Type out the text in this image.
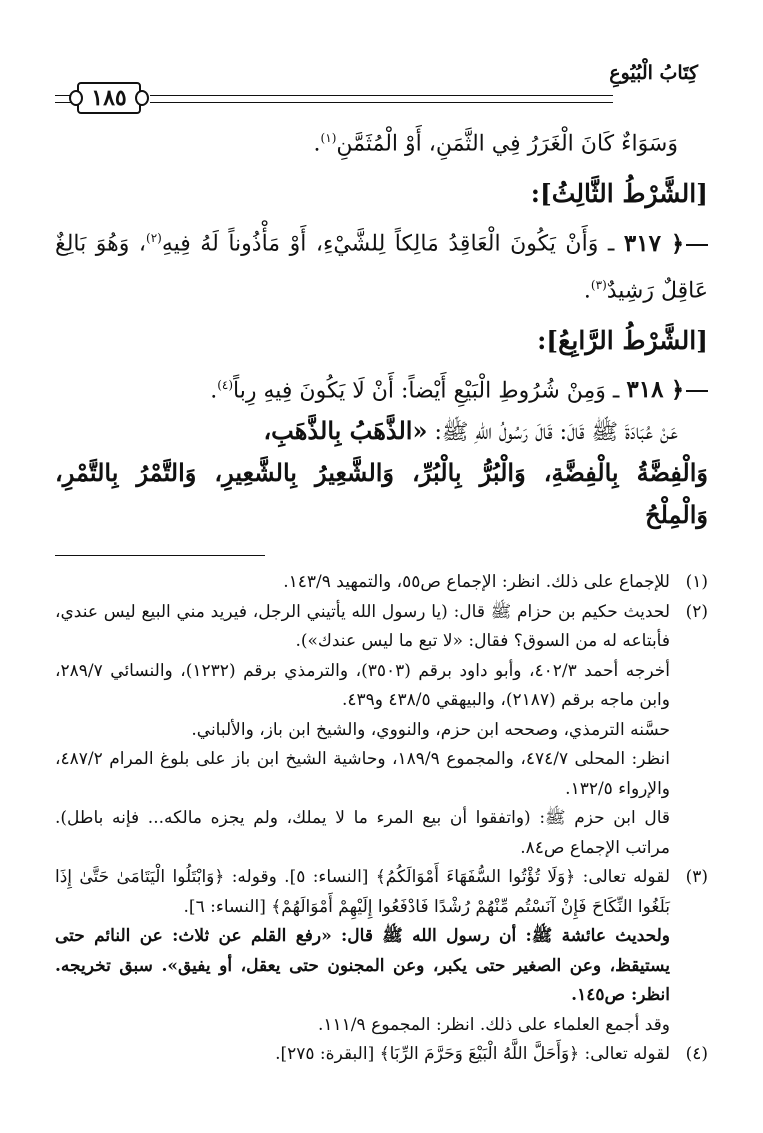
كِتَابُ الْبُيُوعِ
١٨٥

وَسَوَاءٌ كَانَ الْغَرَرُ فِي الثَّمَنِ، أَوْ الْمُثَمَّنِ$^{(١)}$.

[الشَّرْطُ الثَّالِثُ]:

﴿ ٣١٧ ـ وَأَنْ يَكُونَ الْعَاقِدُ مَالِكاً لِلشَّيْءِ، أَوْ مَأْذُوناً لَهُ فِيهِ$^{(٢)}$، وَهُوَ بَالِغٌ عَاقِلٌ رَشِيدٌ$^{(٣)}$.

[الشَّرْطُ الرَّابِعُ]:

﴿ ٣١٨ ـ وَمِنْ شُرُوطِ الْبَيْعِ أَيْضاً: أَنْ لَا يَكُونَ فِيهِ رِباً$^{(٤)}$.

عَنْ عُبَادَةَ ﷺ قَالَ: قَالَ رَسُولُ اللهِ ﷺ: «الذَّهَبُ بِالذَّهَبِ،

وَالْفِضَّةُ بِالْفِضَّةِ، وَالْبُرُّ بِالْبُرِّ، وَالشَّعِيرُ بِالشَّعِيرِ، وَالتَّمْرُ بِالتَّمْرِ، وَالْمِلْحُ

(١)

للإجماع على ذلك. انظر: الإجماع ص٥٥، والتمهيد ١٤٣/٩.

(٢)

لحديث حكيم بن حزام ﷺ قال: (يا رسول الله يأتيني الرجل، فيريد مني البيع ليس عندي، فأبتاعه له من السوق؟ فقال: «لا تبع ما ليس عندك»).

أخرجه أحمد ٤٠٢/٣، وأبو داود برقم (٣٥٠٣)، والترمذي برقم (١٢٣٢)، والنسائي ٢٨٩/٧، وابن ماجه برقم (٢١٨٧)، والبيهقي ٤٣٨/٥ و٤٣٩.

حسَّنه الترمذي، وصححه ابن حزم، والنووي، والشيخ ابن باز، والألباني.

انظر: المحلى ٤٧٤/٧، والمجموع ١٨٩/٩، وحاشية الشيخ ابن باز على بلوغ المرام ٤٨٧/٢، والإرواء ١٣٢/٥.

قال ابن حزم ﷺ: (واتفقوا أن بيع المرء ما لا يملك، ولم يجزه مالكه... فإنه باطل). مراتب الإجماع ص٨٤.

(٣)

لقوله تعالى: ﴿وَلَا تُؤْتُوا السُّفَهَاءَ أَمْوَالَكُمُ﴾ [النساء: ٥]. وقوله: ﴿وَابْتَلُوا الْيَتَامَىٰ حَتَّىٰ إِذَا بَلَغُوا النِّكَاحَ فَإِنْ آنَسْتُم مِّنْهُمْ رُشْدًا فَادْفَعُوا إِلَيْهِمْ أَمْوَالَهُمْ﴾ [النساء: ٦].

ولحديث عائشة ﷺ: أن رسول الله ﷺ قال: «رفع القلم عن ثلاث: عن النائم حتى يستيقظ، وعن الصغير حتى يكبر، وعن المجنون حتى يعقل، أو يفيق». سبق تخريجه. انظر: ص١٤٥.

وقد أجمع العلماء على ذلك. انظر: المجموع ١١١/٩.

(٤)

لقوله تعالى: ﴿وَأَحَلَّ اللَّهُ الْبَيْعَ وَحَرَّمَ الرِّبَا﴾ [البقرة: ٢٧٥].
